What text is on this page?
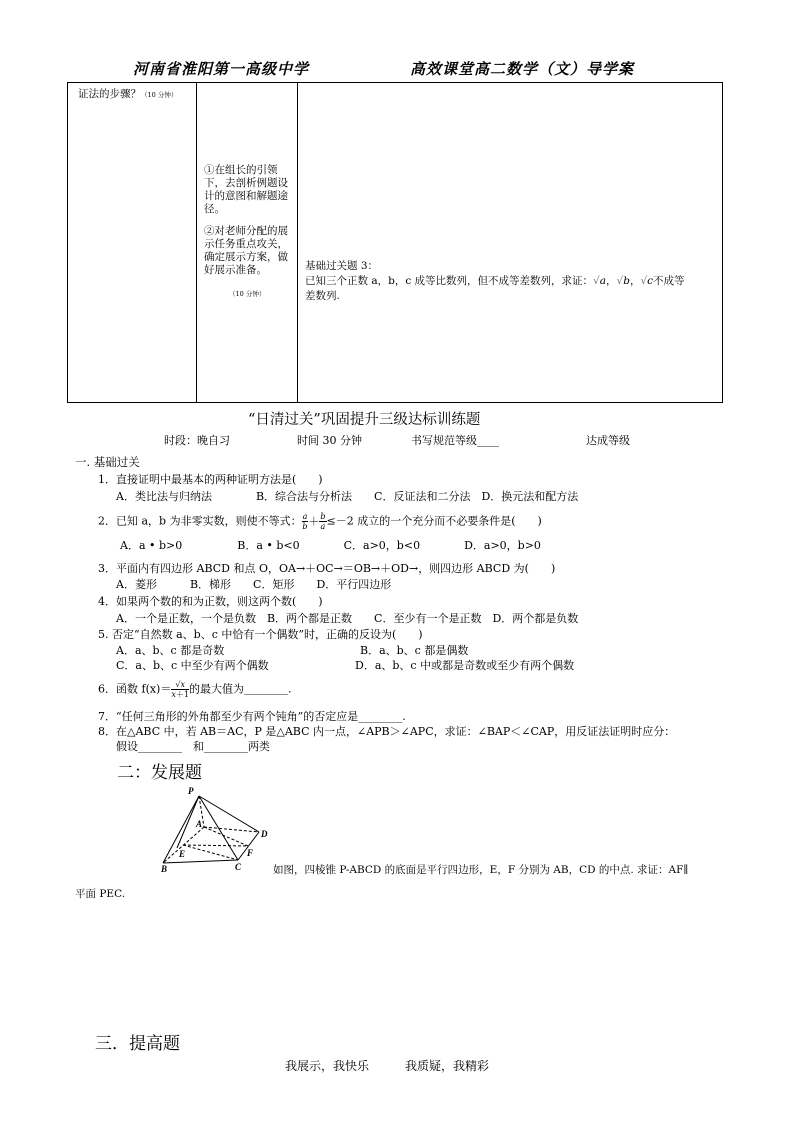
河南省淮阳第一高级中学	高效课堂高二数学（文）导学案
证法的步骤？（10 分钟）

①在组长的引领下，去剖析例题设计的意图和解题途径。
②对老师分配的展示任务重点攻关，确定展示方案，做好展示准备。
（10 分钟）

基础过关题 3：
已知三个正数 a，b，c 成等比数列，但不成等差数列，求证：√a，√b，√c不成等
差数列.
“日清过关”巩固提升三级达标训练题
时段：晚自习	时间 30 分钟	书写规范等级____	达成等级
一. 基础过关
1．直接证明中最基本的两种证明方法是(　　)
A．类比法与归纳法　　　　B．综合法与分析法　　C．反证法和二分法　D．换元法和配方法
2．已知 a，b 为非零实数，则使不等式： $\frac{a}{b} + \frac{b}{a} \le-2$ 成立的一个充分而不必要条件是(　　)
A．a • b>0　　　　　B．a • b<0　　　　C．a>0，b<0　　　　D．a>0，b>0
3．平面内有四边形 ABCD 和点 O，OA→＋OC→＝OB→＋OD→，则四边形 ABCD 为(　　)
A．菱形　　　B．梯形　　C．矩形　　D．平行四边形
4．如果两个数的和为正数，则这两个数(　　)
A．一个是正数，一个是负数　B．两个都是正数　　C．至少有一个是正数　D．两个都是负数
5. 否定“自然数 a、b、c 中恰有一个偶数”时，正确的反设为(　　)
A．a、b、c 都是奇数	B．a、b、c 都是偶数
C．a、b、c 中至少有两个偶数	D．a、b、c 中或都是奇数或至少有两个偶数
6．函数 $f(x)= \frac{√x}{x+1}$ 的最大值为________.
7．“任何三角形的外角都至少有两个钝角”的否定应是________.
8．在△ABC 中，若 AB＝AC，P 是△ABC 内一点，∠APB＞∠APC，求证：∠BAP＜∠CAP，用反证法证明时应分：
假设________　和________两类
二：发展题
P
A
D
E	F
B	C	如图，四棱锥 P-ABCD 的底面是平行四边形，E，F 分别为 AB，CD 的中点. 求证：AF∥
平面 PEC.
三．提高题
我展示，我快乐　　　我质疑，我精彩
